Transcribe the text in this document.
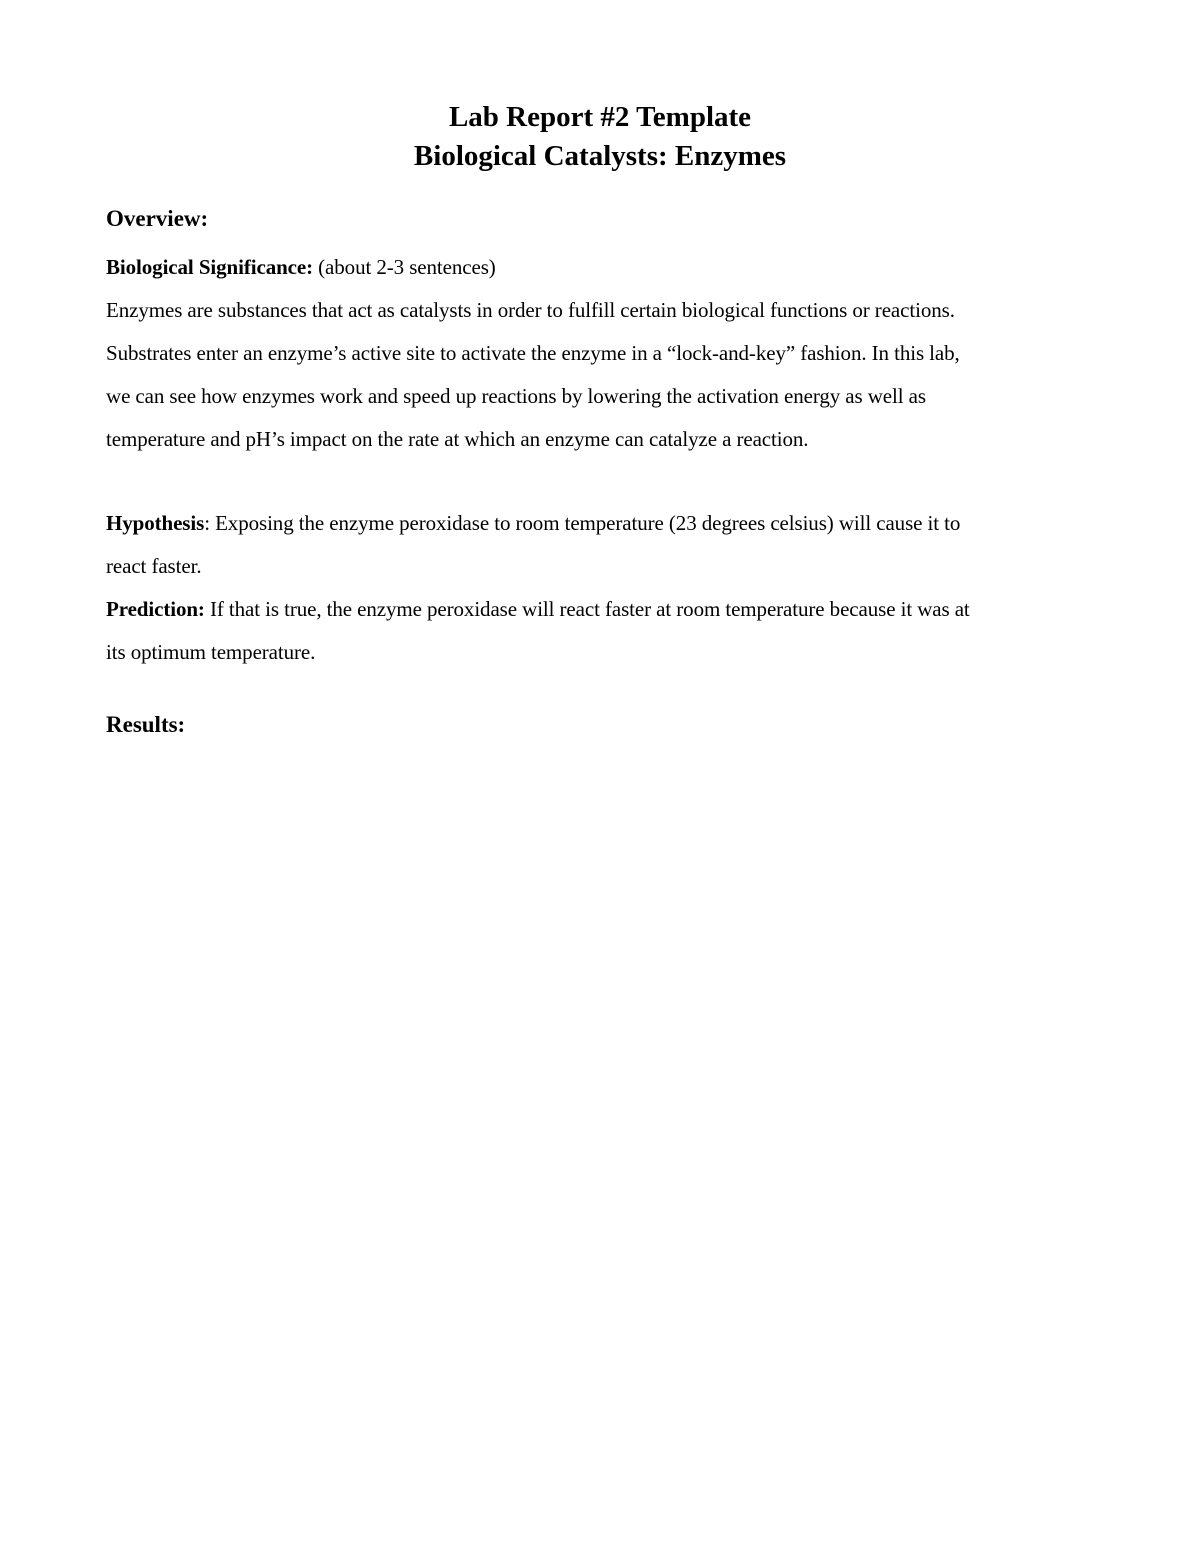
Lab Report #2 Template
Biological Catalysts: Enzymes
Overview:
Biological Significance: (about 2-3 sentences)
Enzymes are substances that act as catalysts in order to fulfill certain biological functions or reactions.
Substrates enter an enzyme’s active site to activate the enzyme in a “lock-and-key” fashion. In this lab,
we can see how enzymes work and speed up reactions by lowering the activation energy as well as
temperature and pH’s impact on the rate at which an enzyme can catalyze a reaction.
Hypothesis: Exposing the enzyme peroxidase to room temperature (23 degrees celsius) will cause it to
react faster.
Prediction: If that is true, the enzyme peroxidase will react faster at room temperature because it was at
its optimum temperature.
Results:
